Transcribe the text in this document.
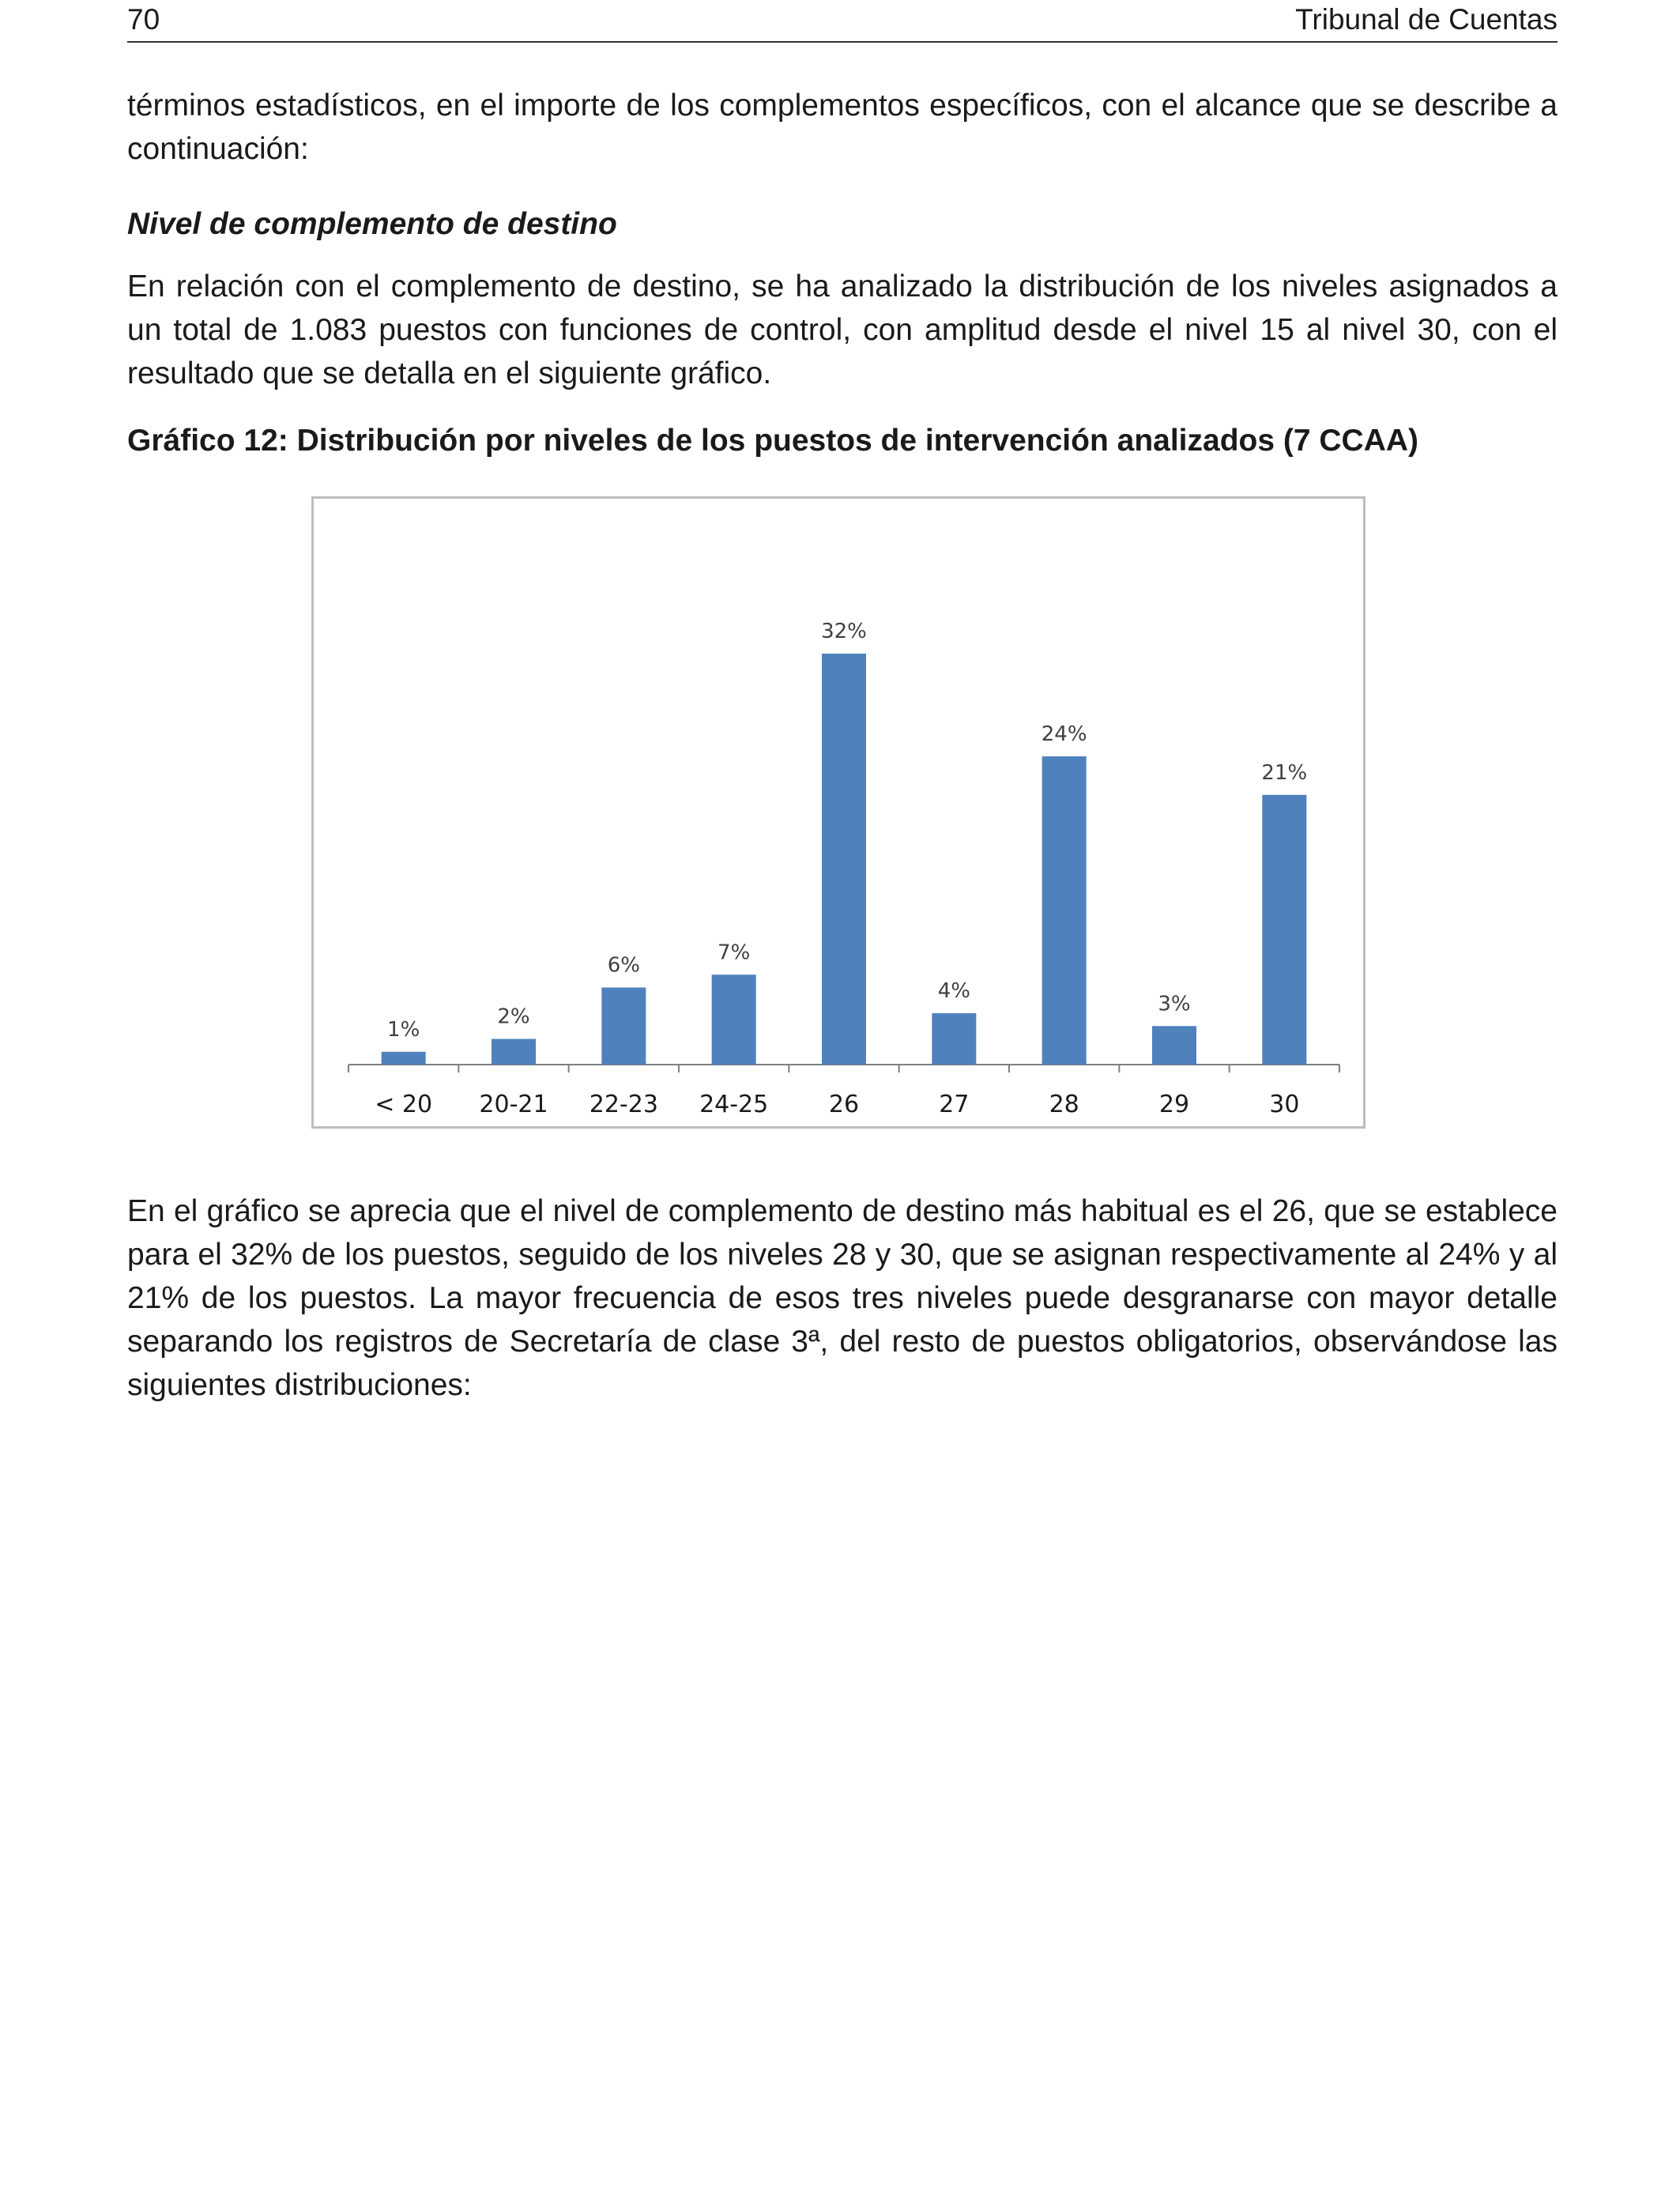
70	Tribunal de Cuentas

términos estadísticos, en el importe de los complementos específicos, con el alcance que se describe a continuación:

Nivel de complemento de destino

En relación con el complemento de destino, se ha analizado la distribución de los niveles asignados a un total de 1.083 puestos con funciones de control, con amplitud desde el nivel 15 al nivel 30, con el resultado que se detalla en el siguiente gráfico.

Gráfico 12: Distribución por niveles de los puestos de intervención analizados (7 CCAA)

1%
< 20
2%
20-21
6%
22-23
7%
24-25
32%
26
4%
27
24%
28
3%
29
21%
30

En el gráfico se aprecia que el nivel de complemento de destino más habitual es el 26, que se establece para el 32% de los puestos, seguido de los niveles 28 y 30, que se asignan respectivamente al 24% y al 21% de los puestos. La mayor frecuencia de esos tres niveles puede desgranarse con mayor detalle separando los registros de Secretaría de clase 3ª, del resto de puestos obligatorios, observándose las siguientes distribuciones:
